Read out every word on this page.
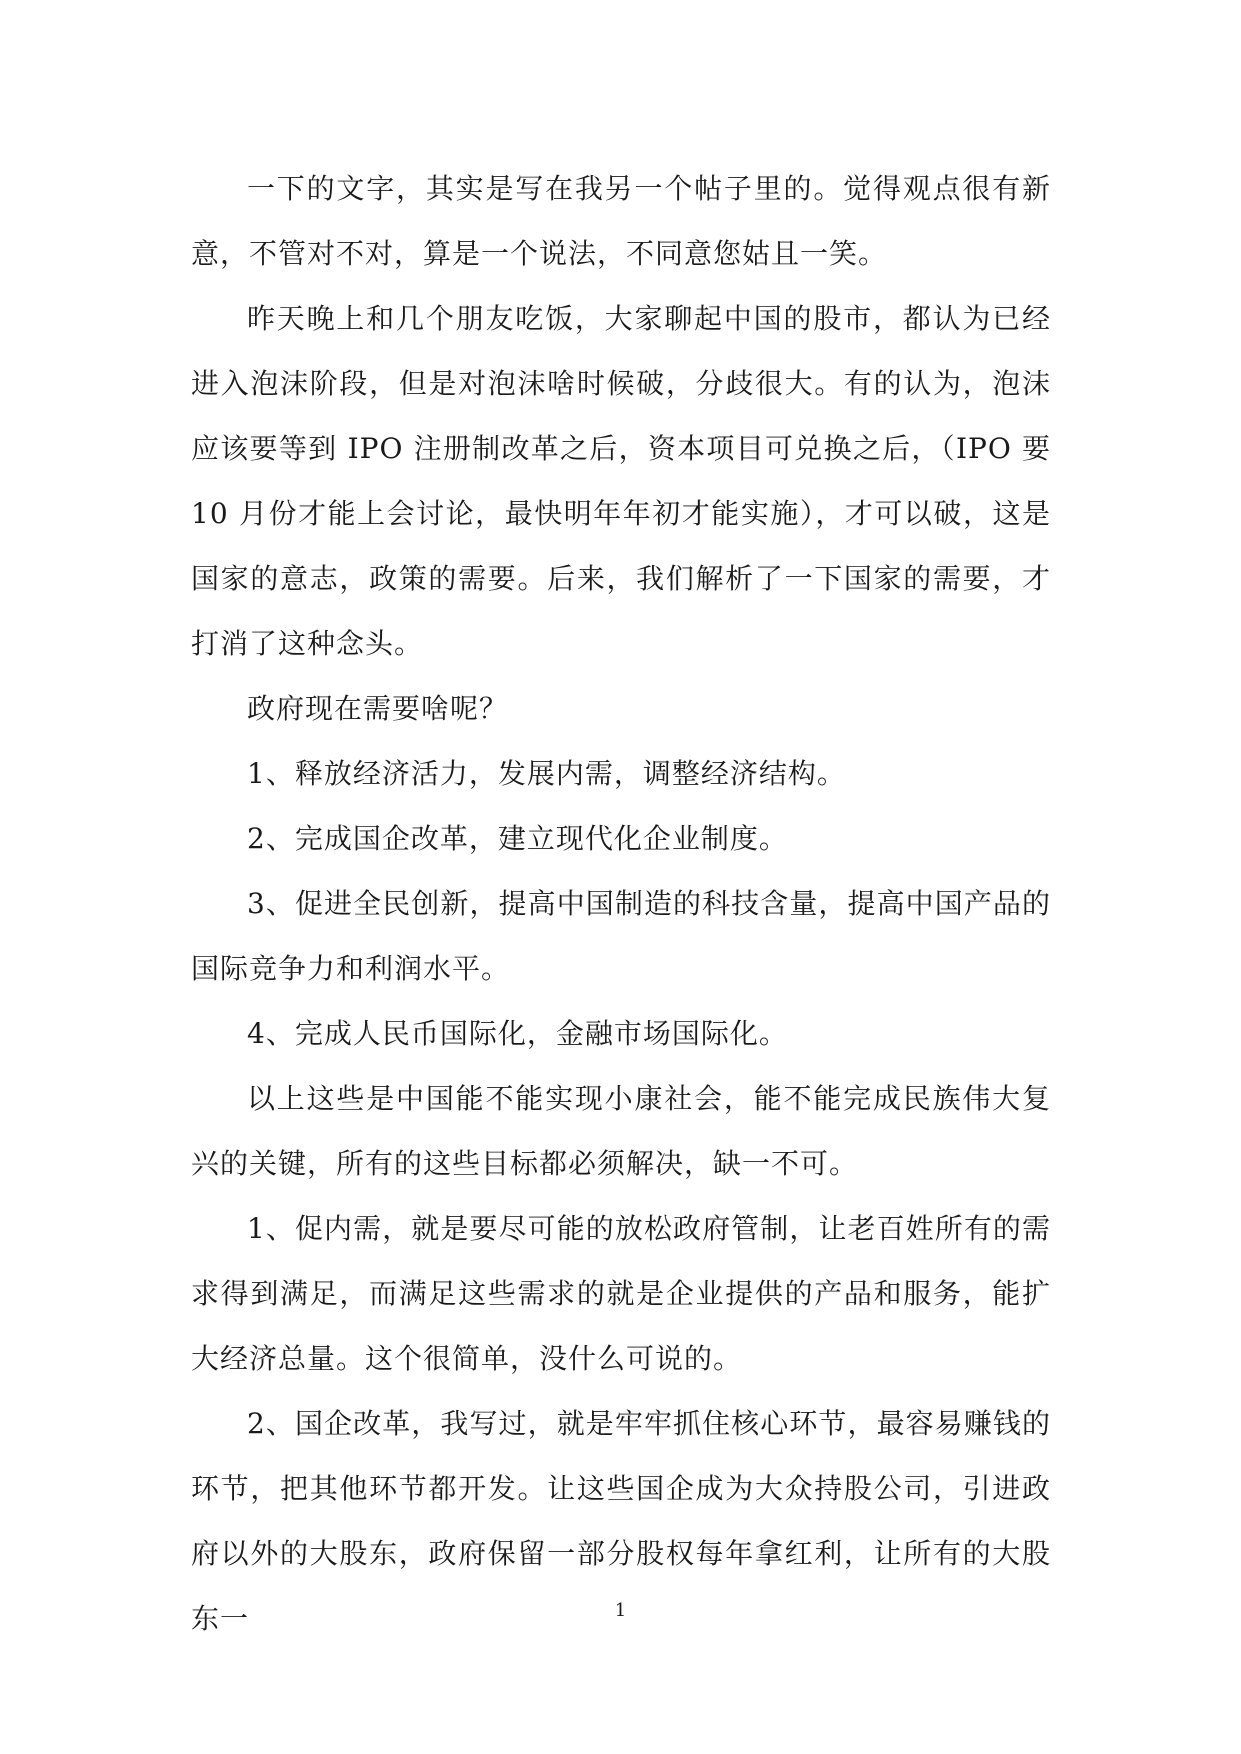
一下的文字，其实是写在我另一个帖子里的。觉得观点很有新意，不管对不对，算是一个说法，不同意您姑且一笑。

昨天晚上和几个朋友吃饭，大家聊起中国的股市，都认为已经进入泡沫阶段，但是对泡沫啥时候破，分歧很大。有的认为，泡沫应该要等到 IPO 注册制改革之后，资本项目可兑换之后，（IPO 要 10 月份才能上会讨论，最快明年年初才能实施），才可以破，这是国家的意志，政策的需要。后来，我们解析了一下国家的需要，才打消了这种念头。

政府现在需要啥呢？

1、释放经济活力，发展内需，调整经济结构。

2、完成国企改革，建立现代化企业制度。

3、促进全民创新，提高中国制造的科技含量，提高中国产品的国际竞争力和利润水平。

4、完成人民币国际化，金融市场国际化。

以上这些是中国能不能实现小康社会，能不能完成民族伟大复兴的关键，所有的这些目标都必须解决，缺一不可。

1、促内需，就是要尽可能的放松政府管制，让老百姓所有的需求得到满足，而满足这些需求的就是企业提供的产品和服务，能扩大经济总量。这个很简单，没什么可说的。

2、国企改革，我写过，就是牢牢抓住核心环节，最容易赚钱的环节，把其他环节都开发。让这些国企成为大众持股公司，引进政府以外的大股东，政府保留一部分股权每年拿红利，让所有的大股东一	1
